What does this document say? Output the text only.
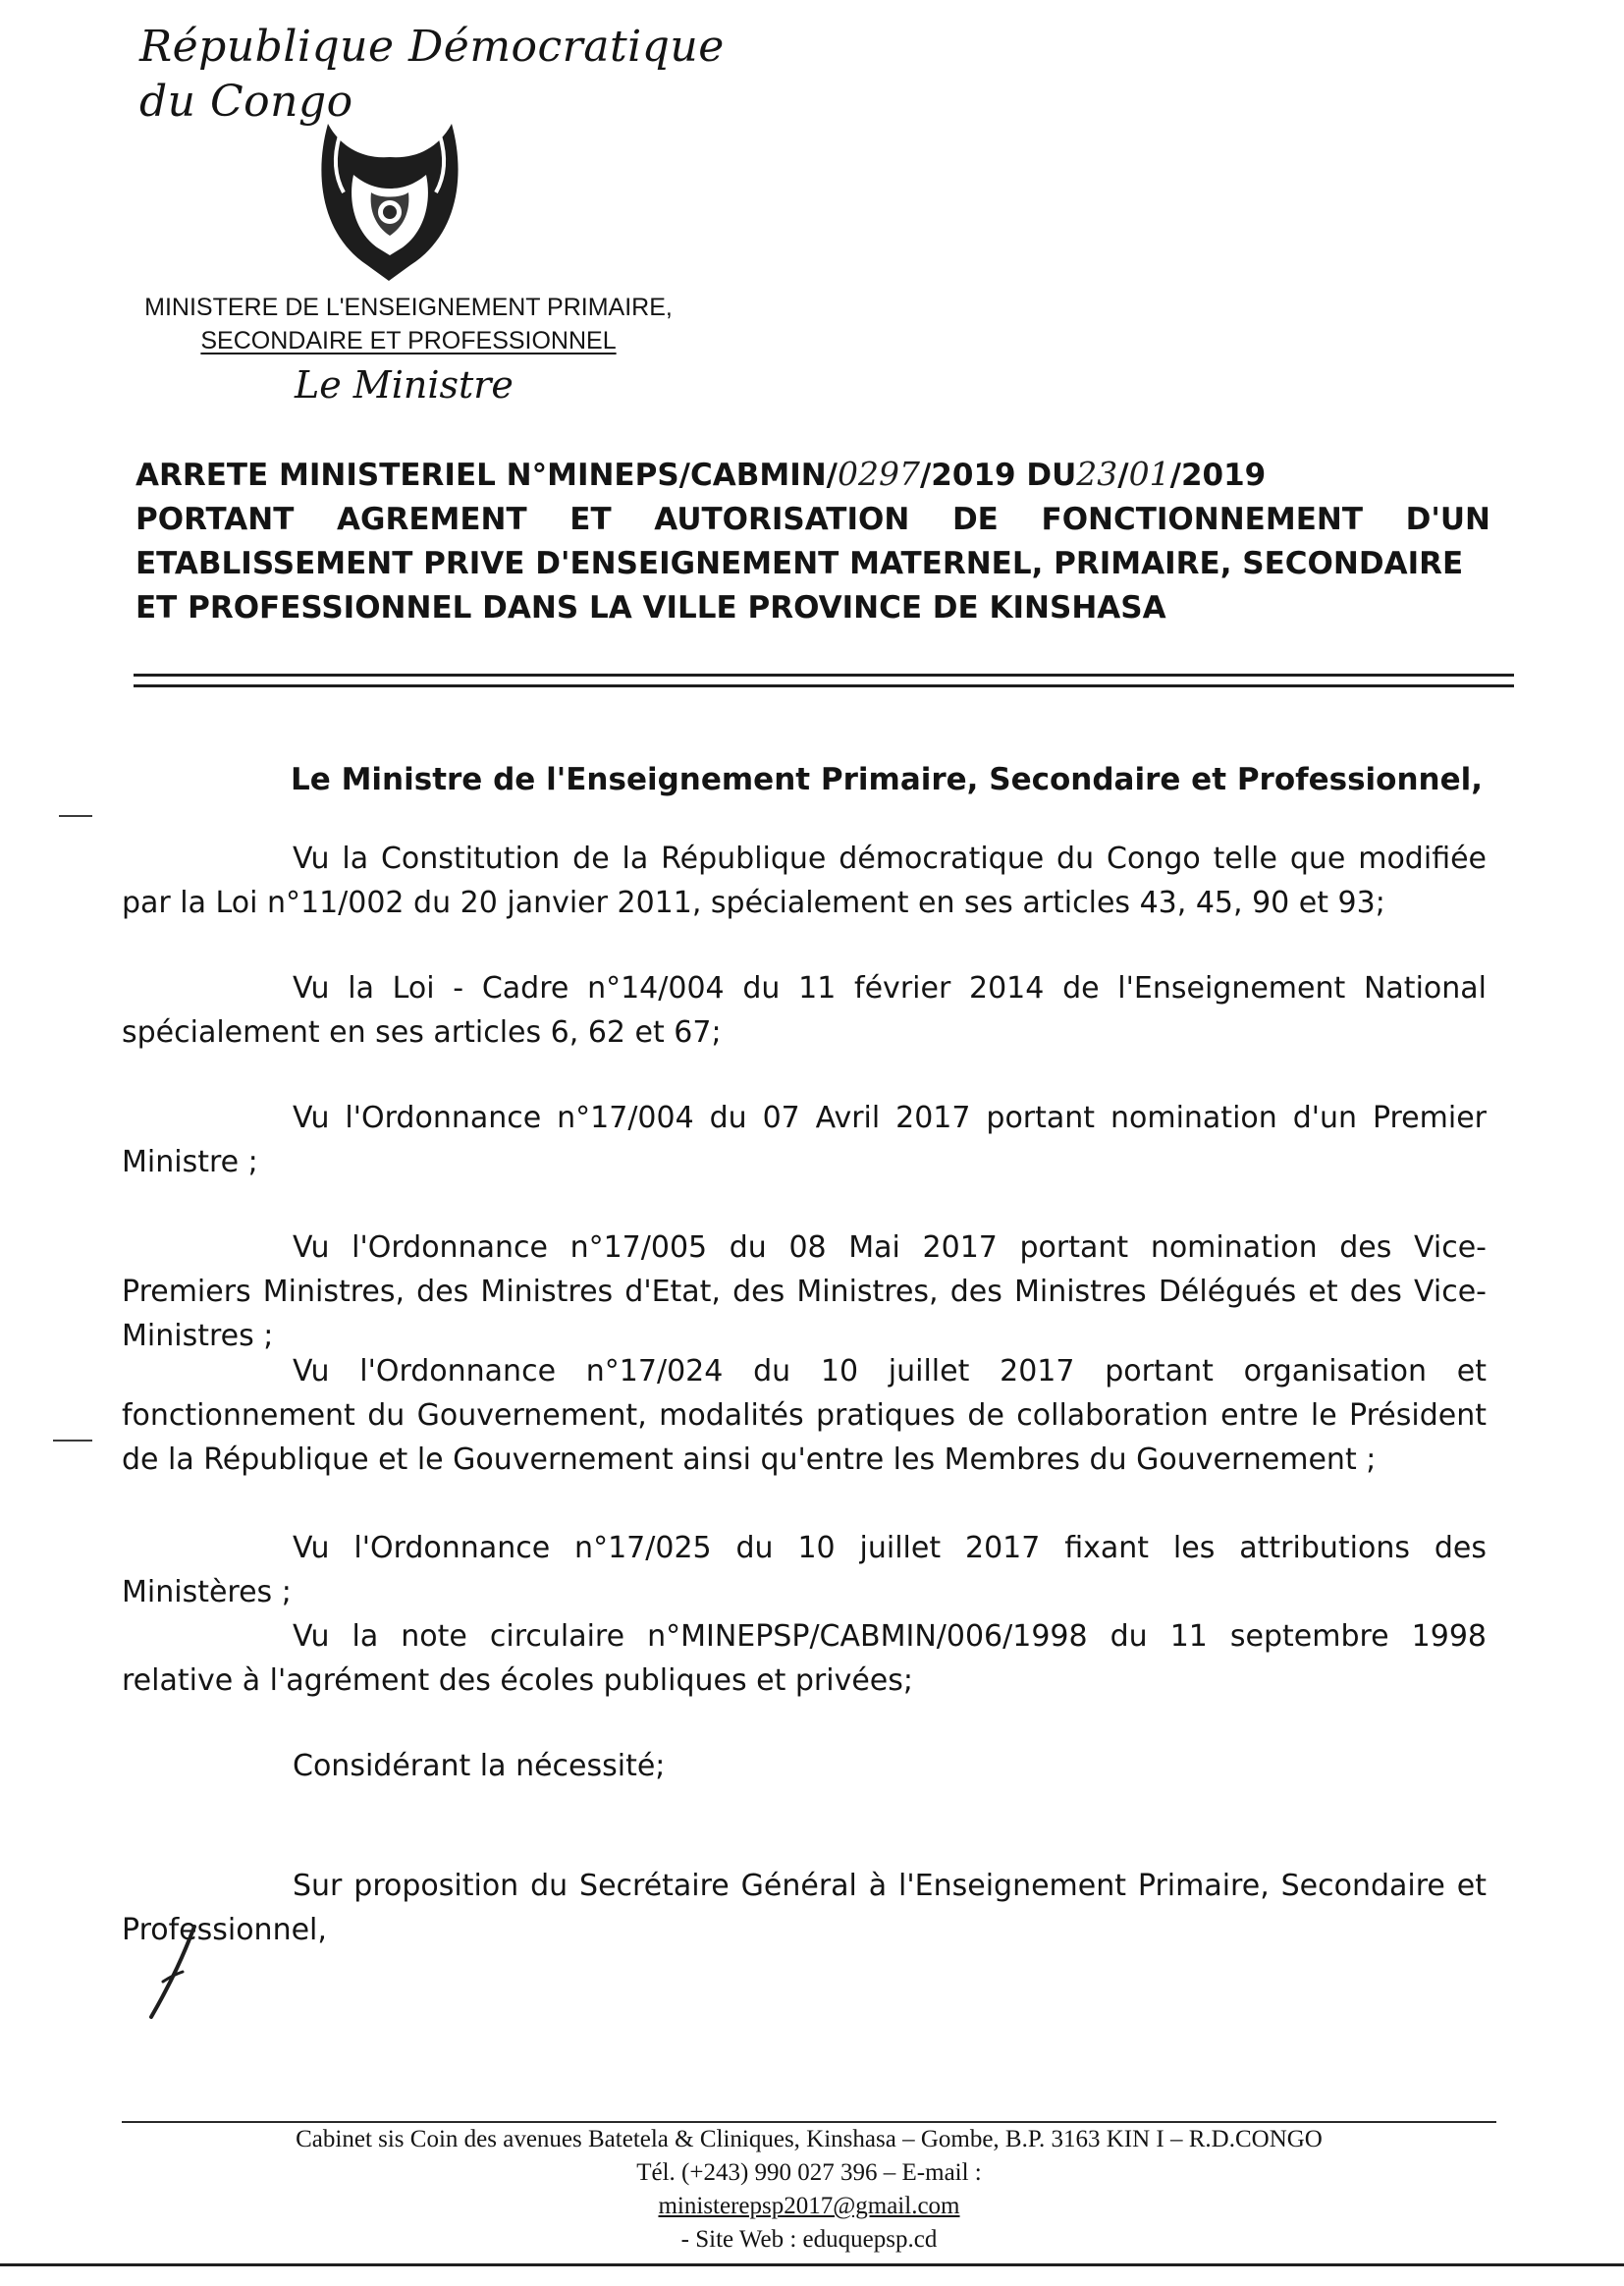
République Démocratique du Congo
MINISTERE DE L'ENSEIGNEMENT PRIMAIRE,
SECONDAIRE ET PROFESSIONNEL
Le Ministre
ARRETE MINISTERIEL N°MINEPS/CABMIN/0297/2019 DU23/01/2019
PORTANT AGREMENT ET AUTORISATION DE FONCTIONNEMENT D'UN
ETABLISSEMENT PRIVE D'ENSEIGNEMENT MATERNEL, PRIMAIRE, SECONDAIRE
ET PROFESSIONNEL DANS LA VILLE PROVINCE DE KINSHASA
Le Ministre de l'Enseignement Primaire, Secondaire et Professionnel,

Vu la Constitution de la République démocratique du Congo telle que modifiée par la Loi n°11/002 du 20 janvier 2011, spécialement en ses articles 43, 45, 90 et 93;

Vu la Loi - Cadre n°14/004 du 11 février 2014 de l'Enseignement National spécialement en ses articles 6, 62 et 67;

Vu l'Ordonnance n°17/004 du 07 Avril 2017 portant nomination d'un Premier Ministre ;

Vu l'Ordonnance n°17/005 du 08 Mai 2017 portant nomination des Vice-Premiers Ministres, des Ministres d'Etat, des Ministres, des Ministres Délégués et des Vice-Ministres ;

Vu l'Ordonnance n°17/024 du 10 juillet 2017 portant organisation et fonctionnement du Gouvernement, modalités pratiques de collaboration entre le Président de la République et le Gouvernement ainsi qu'entre les Membres du Gouvernement ;

Vu l'Ordonnance n°17/025 du 10 juillet 2017 fixant les attributions des Ministères ;

Vu la note circulaire n°MINEPSP/CABMIN/006/1998 du 11 septembre 1998 relative à l'agrément des écoles publiques et privées;

Considérant la nécessité;

Sur proposition du Secrétaire Général à l'Enseignement Primaire, Secondaire et Professionnel,

Cabinet sis Coin des avenues Batetela & Cliniques, Kinshasa – Gombe, B.P. 3163 KIN I – R.D.CONGO
Tél. (+243) 990 027 396 – E-mail :
ministerepsp2017@gmail.com
- Site Web : eduquepsp.cd
